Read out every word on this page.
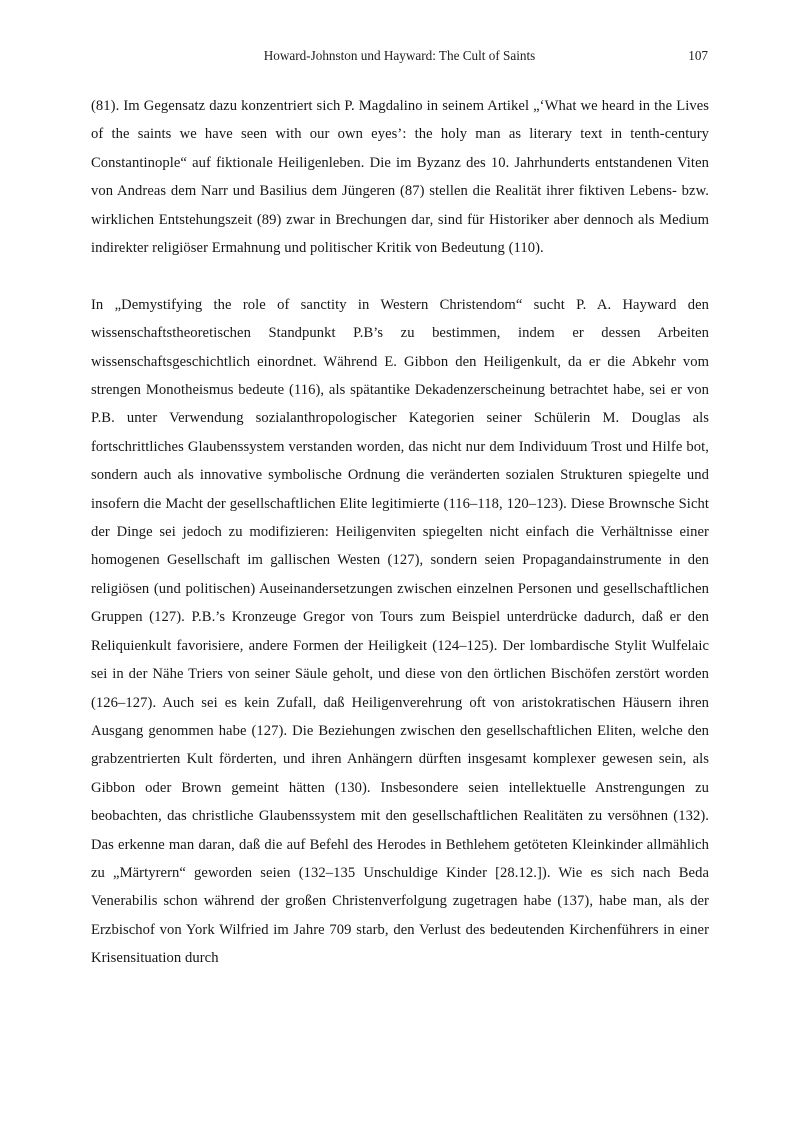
Howard-Johnston und Hayward: The Cult of Saints	107

(81). Im Gegensatz dazu konzentriert sich P. Magdalino in seinem Artikel „‘What we heard in the Lives of the saints we have seen with our own eyes’: the holy man as literary text in tenth-century Constantinople“ auf fiktionale Heiligenleben. Die im Byzanz des 10. Jahrhunderts entstandenen Viten von Andreas dem Narr und Basilius dem Jüngeren (87) stellen die Realität ihrer fiktiven Lebens- bzw. wirklichen Entstehungszeit (89) zwar in Brechungen dar, sind für Historiker aber dennoch als Medium indirekter religiöser Ermahnung und politischer Kritik von Bedeutung (110).

In „Demystifying the role of sanctity in Western Christendom“ sucht P. A. Hayward den wissenschaftstheoretischen Standpunkt P.B’s zu bestimmen, indem er dessen Arbeiten wissenschaftsgeschichtlich einordnet. Während E. Gibbon den Heiligenkult, da er die Abkehr vom strengen Monotheismus bedeute (116), als spätantike Dekadenzerscheinung betrachtet habe, sei er von P.B. unter Verwendung sozialanthropologischer Kategorien seiner Schülerin M. Douglas als fortschrittliches Glaubenssystem verstanden worden, das nicht nur dem Individuum Trost und Hilfe bot, sondern auch als innovative symbolische Ordnung die veränderten sozialen Strukturen spiegelte und insofern die Macht der gesellschaftlichen Elite legitimierte (116–118, 120–123). Diese Brownsche Sicht der Dinge sei jedoch zu modifizieren: Heiligenviten spiegelten nicht einfach die Verhältnisse einer homogenen Gesellschaft im gallischen Westen (127), sondern seien Propagandainstrumente in den religiösen (und politischen) Auseinandersetzungen zwischen einzelnen Personen und gesellschaftlichen Gruppen (127). P.B.’s Kronzeuge Gregor von Tours zum Beispiel unterdrücke dadurch, daß er den Reliquienkult favorisiere, andere Formen der Heiligkeit (124–125). Der lombardische Stylit Wulfelaic sei in der Nähe Triers von seiner Säule geholt, und diese von den örtlichen Bischöfen zerstört worden (126–127). Auch sei es kein Zufall, daß Heiligenverehrung oft von aristokratischen Häusern ihren Ausgang genommen habe (127). Die Beziehungen zwischen den gesellschaftlichen Eliten, welche den grabzentrierten Kult förderten, und ihren Anhängern dürften insgesamt komplexer gewesen sein, als Gibbon oder Brown gemeint hätten (130). Insbesondere seien intellektuelle Anstrengungen zu beobachten, das christliche Glaubenssystem mit den gesellschaftlichen Realitäten zu versöhnen (132). Das erkenne man daran, daß die auf Befehl des Herodes in Bethlehem getöteten Kleinkinder allmählich zu „Märtyrern“ geworden seien (132–135 Unschuldige Kinder [28.12.]). Wie es sich nach Beda Venerabilis schon während der großen Christenverfolgung zugetragen habe (137), habe man, als der Erzbischof von York Wilfried im Jahre 709 starb, den Verlust des bedeutenden Kirchenführers in einer Krisensituation durch
